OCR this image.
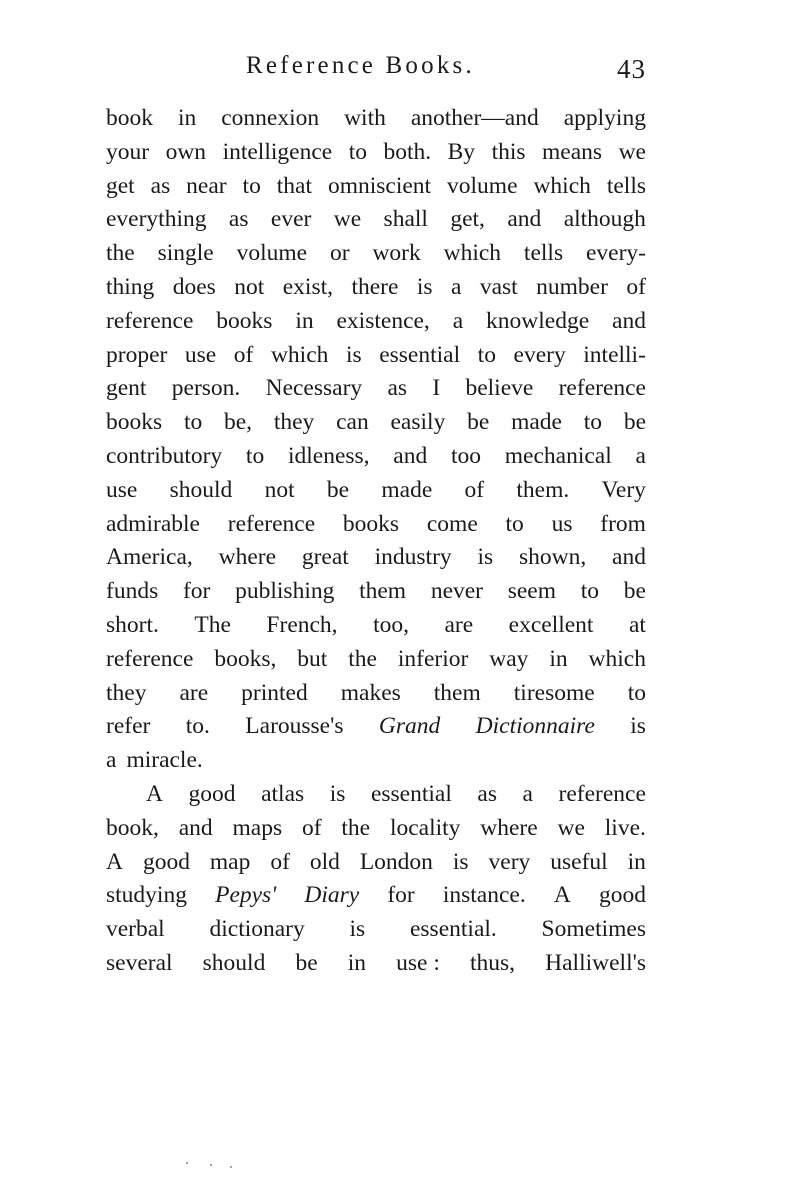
Reference Books.	43
book in connexion with another—and applying
your own intelligence to both. By this means we
get as near to that omniscient volume which tells
everything as ever we shall get, and although
the single volume or work which tells every-
thing does not exist, there is a vast number of
reference books in existence, a knowledge and
proper use of which is essential to every intelli-
gent person. Necessary as I believe reference
books to be, they can easily be made to be
contributory to idleness, and too mechanical a
use should not be made of them. Very
admirable reference books come to us from
America, where great industry is shown, and
funds for publishing them never seem to be
short. The French, too, are excellent at
reference books, but the inferior way in which
they are printed makes them tiresome to
refer to. Larousse's Grand Dictionnaire is
a miracle.
A good atlas is essential as a reference
book, and maps of the locality where we live.
A good map of old London is very useful in
studying Pepys' Diary for instance. A good
verbal dictionary is essential. Sometimes
several should be in use : thus, Halliwell's
